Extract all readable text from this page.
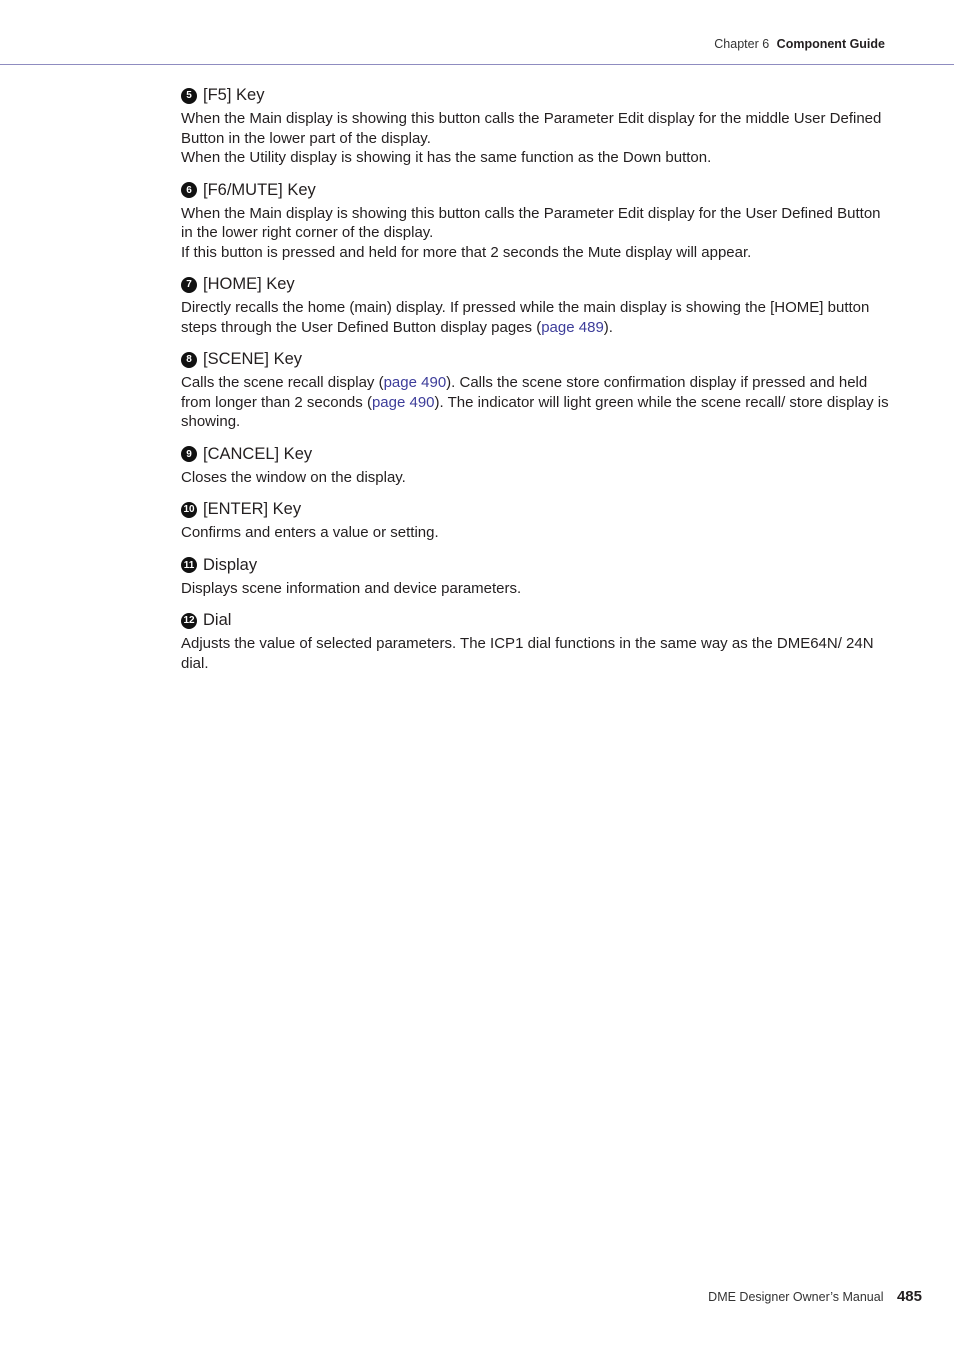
Chapter 6 Component Guide
5 [F5] Key

When the Main display is showing this button calls the Parameter Edit display for the middle User Defined Button in the lower part of the display.

When the Utility display is showing it has the same function as the Down button.

6 [F6/MUTE] Key

When the Main display is showing this button calls the Parameter Edit display for the User Defined Button in the lower right corner of the display.

If this button is pressed and held for more that 2 seconds the Mute display will appear.

7 [HOME] Key

Directly recalls the home (main) display. If pressed while the main display is showing the [HOME] button steps through the User Defined Button display pages (page 489).

8 [SCENE] Key

Calls the scene recall display (page 490). Calls the scene store confirmation display if pressed and held from longer than 2 seconds (page 490). The indicator will light green while the scene recall/ store display is showing.

9 [CANCEL] Key

Closes the window on the display.

10 [ENTER] Key

Confirms and enters a value or setting.

11 Display

Displays scene information and device parameters.

12 Dial

Adjusts the value of selected parameters. The ICP1 dial functions in the same way as the DME64N/ 24N dial.

DME Designer Owner’s Manual 485
